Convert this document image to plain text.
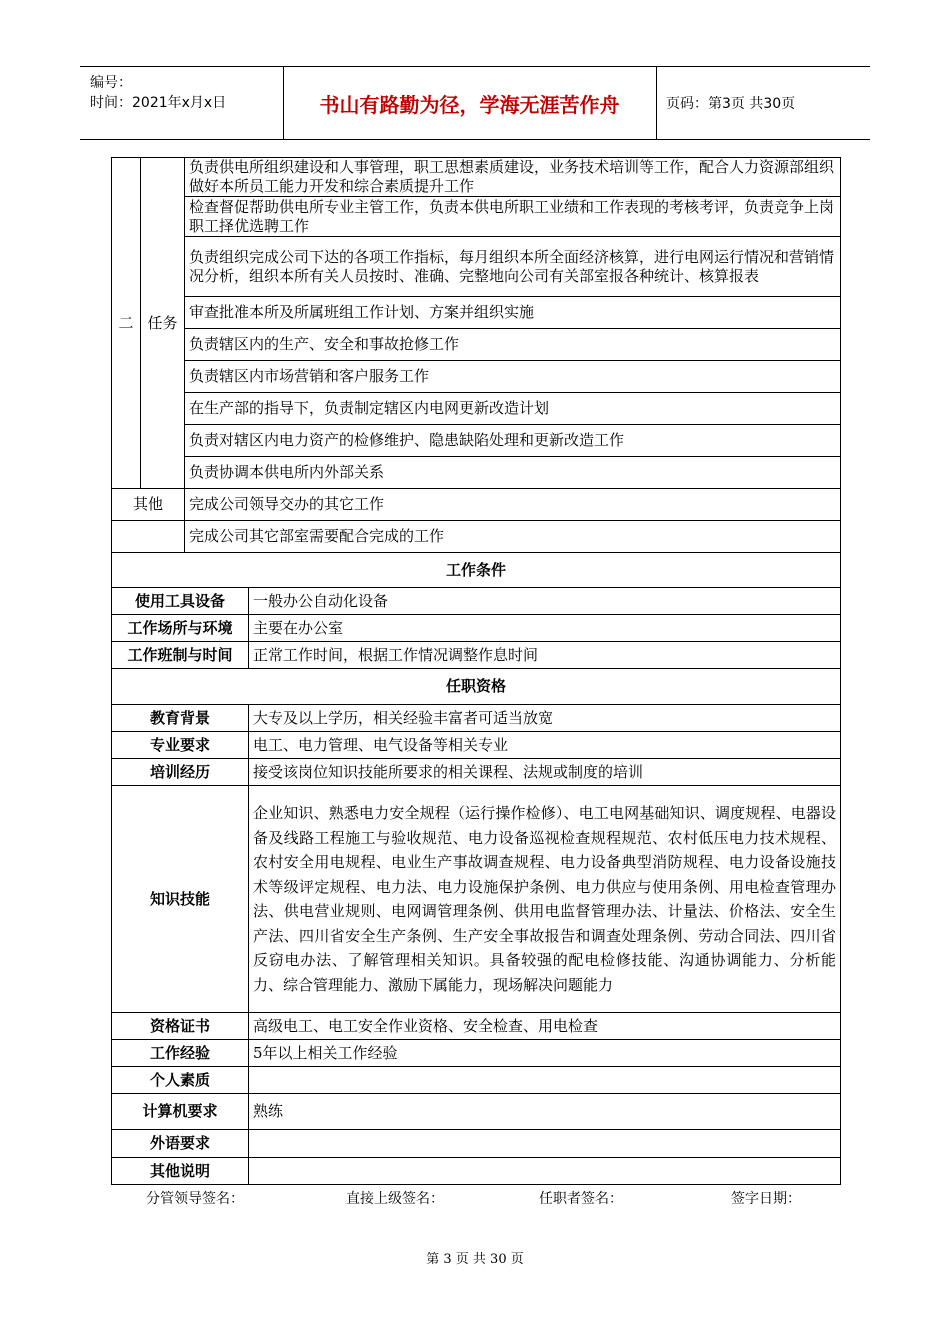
编号：
时间：2021年x月x日	书山有路勤为径，学海无涯苦作舟	页码：第3页 共30页
二	任务	负责供电所组织建设和人事管理，职工思想素质建设，业务技术培训等工作，配合人力资源部组织做好本所员工能力开发和综合素质提升工作	
		检查督促帮助供电所专业主管工作，负责本供电所职工业绩和工作表现的考核考评，负责竞争上岗职工择优选聘工作	
		负责组织完成公司下达的各项工作指标，每月组织本所全面经济核算，进行电网运行情况和营销情况分析，组织本所有关人员按时、准确、完整地向公司有关部室报各种统计、核算报表	
		审查批准本所及所属班组工作计划、方案并组织实施	
		负责辖区内的生产、安全和事故抢修工作	
		负责辖区内市场营销和客户服务工作	
		在生产部的指导下，负责制定辖区内电网更新改造计划	
		负责对辖区内电力资产的检修维护、隐患缺陷处理和更新改造工作	
		负责协调本供电所内外部关系	
其他		完成公司领导交办的其它工作	
		完成公司其它部室需要配合完成的工作	
工作条件			
使用工具设备			一般办公自动化设备
工作场所与环境			主要在办公室
工作班制与时间			正常工作时间，根据工作情况调整作息时间
任职资格			
教育背景			大专及以上学历，相关经验丰富者可适当放宽
专业要求			电工、电力管理、电气设备等相关专业
培训经历			接受该岗位知识技能所要求的相关课程、法规或制度的培训
知识技能			企业知识、熟悉电力安全规程（运行操作检修）、电工电网基础知识、调度规程、电器设备及线路工程施工与验收规范、电力设备巡视检查规程规范、农村低压电力技术规程、农村安全用电规程、电业生产事故调查规程、电力设备典型消防规程、电力设备设施技术等级评定规程、电力法、电力设施保护条例、电力供应与使用条例、用电检查管理办法、供电营业规则、电网调管理条例、供用电监督管理办法、计量法、价格法、安全生产法、四川省安全生产条例、生产安全事故报告和调查处理条例、劳动合同法、四川省反窃电办法、了解管理相关知识。具备较强的配电检修技能、沟通协调能力、分析能力、综合管理能力、激励下属能力，现场解决问题能力
资格证书			高级电工、电工安全作业资格、安全检查、用电检查
工作经验			5年以上相关工作经验
个人素质			
计算机要求			熟练
外语要求			
其他说明			
分管领导签名：	直接上级签名：	任职者签名：	签字日期：
第 3 页 共 30 页
